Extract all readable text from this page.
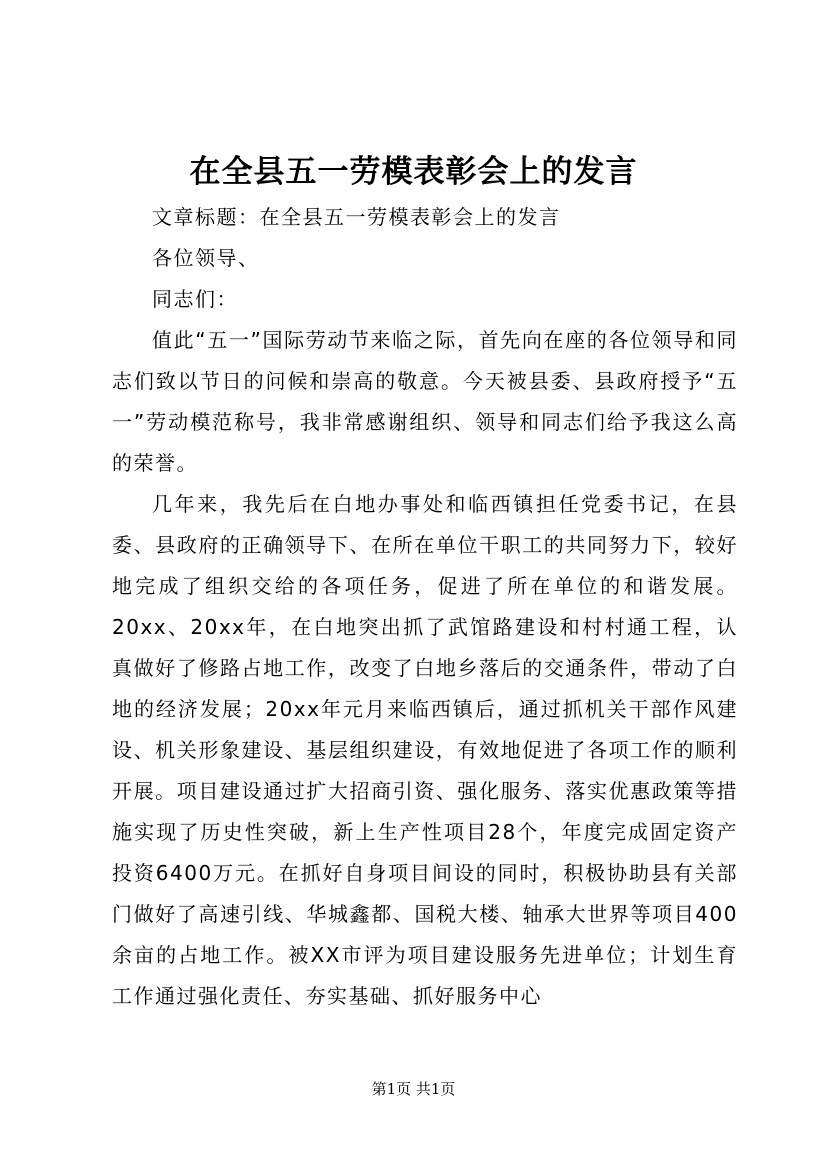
在全县五一劳模表彰会上的发言

文章标题：在全县五一劳模表彰会上的发言

各位领导、

同志们：

值此“五一”国际劳动节来临之际，首先向在座的各位领导和同志们致以节日的问候和崇高的敬意。今天被县委、县政府授予“五一”劳动模范称号，我非常感谢组织、领导和同志们给予我这么高的荣誉。

几年来，我先后在白地办事处和临西镇担任党委书记，在县委、县政府的正确领导下、在所在单位干职工的共同努力下，较好地完成了组织交给的各项任务，促进了所在单位的和谐发展。20xx、20xx年，在白地突出抓了武馆路建设和村村通工程，认真做好了修路占地工作，改变了白地乡落后的交通条件，带动了白地的经济发展；20xx年元月来临西镇后，通过抓机关干部作风建设、机关形象建设、基层组织建设，有效地促进了各项工作的顺利开展。项目建设通过扩大招商引资、强化服务、落实优惠政策等措施实现了历史性突破，新上生产性项目28个，年度完成固定资产投资6400万元。在抓好自身项目间设的同时，积极协助县有关部门做好了高速引线、华城鑫都、国税大楼、轴承大世界等项目400余亩的占地工作。被XX市评为项目建设服务先进单位；计划生育工作通过强化责任、夯实基础、抓好服务中心

第1页 共1页
